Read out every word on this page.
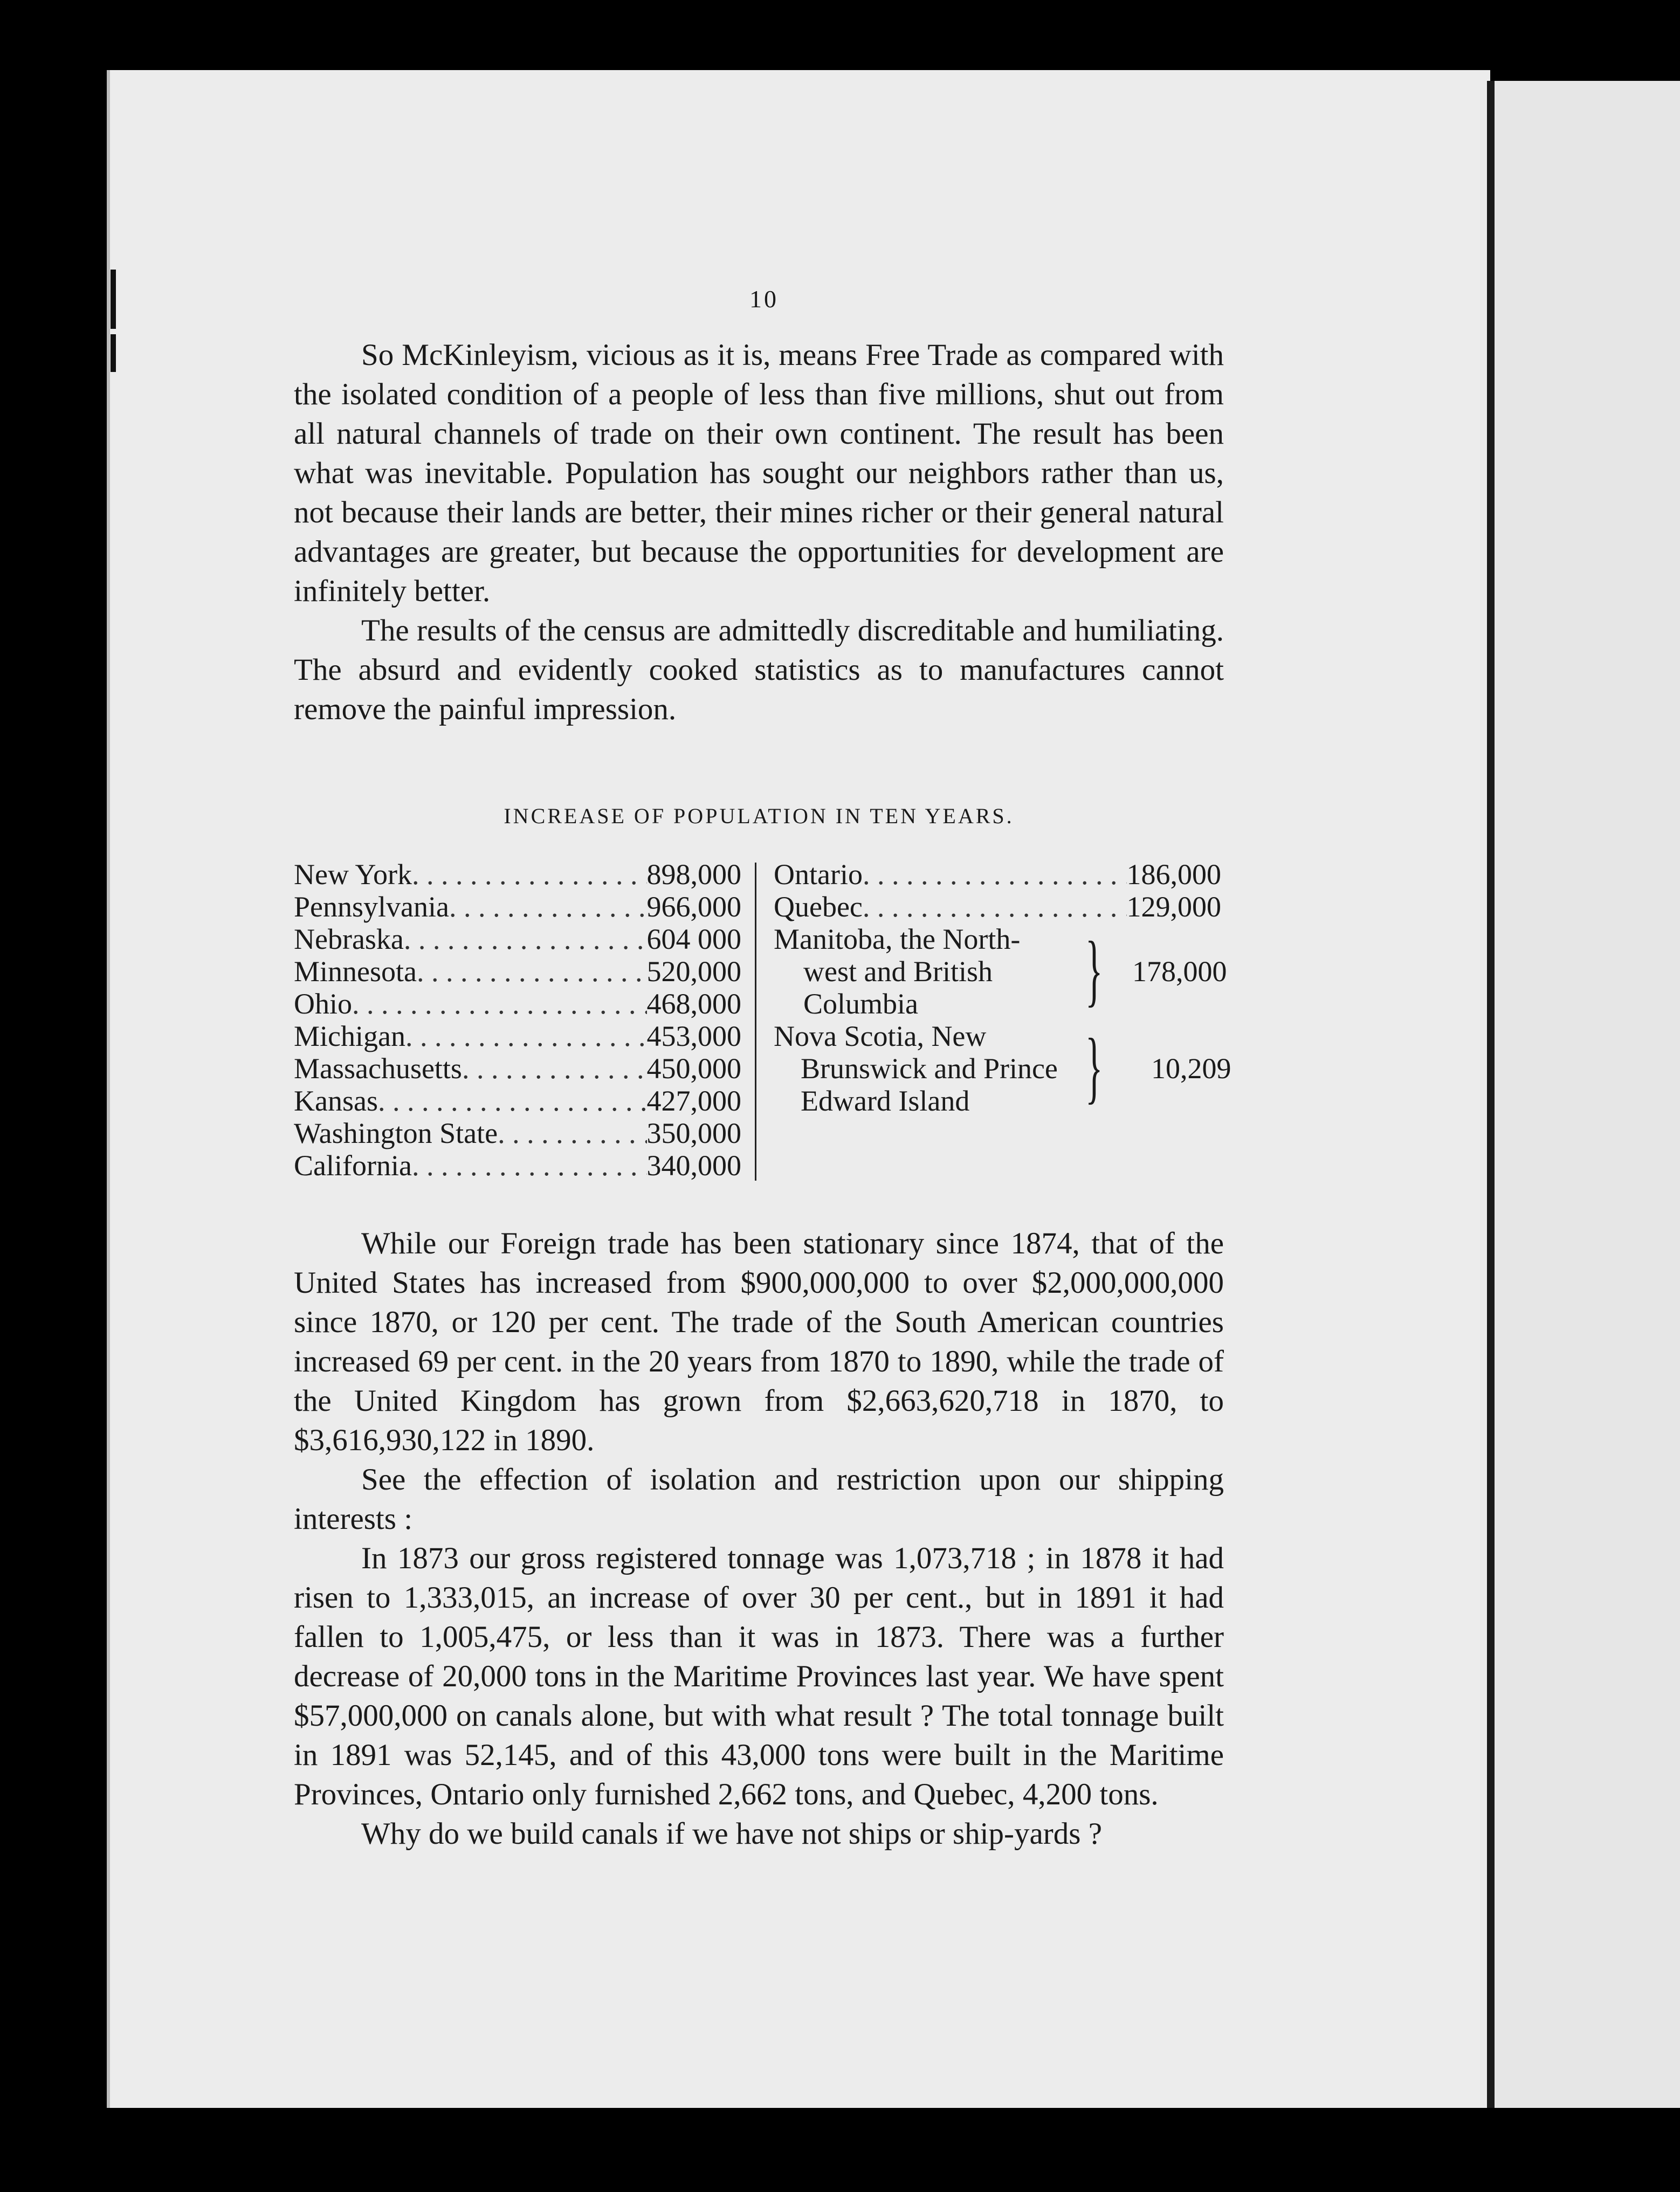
10

So McKinleyism, vicious as it is, means Free Trade as compared with the isolated condition of a people of less than five millions, shut out from all natural channels of trade on their own continent. The result has been what was inevitable. Population has sought our neighbors rather than us, not because their lands are better, their mines richer or their general natural advantages are greater, but because the opportunities for development are infinitely better.

The results of the census are admittedly discreditable and humiliating. The absurd and evidently cooked statistics as to manufactures cannot remove the painful impression.

INCREASE OF POPULATION IN TEN YEARS.
New York . . .	898,000
Pennsylvania . . .	966,000
Nebraska . . .	604 000
Minnesota . . .	520,000
Ohio . . .	468,000
Michigan . . .	453,000
Massachusetts . . .	450,000
Kansas . . .	427,000
Washington State . . .	350,000
California . . .	340,000
Ontario . . .	186,000
Quebec . . .	129,000
Manitoba, the North-
west and British
Columbia	} 178,000
Nova Scotia, New
Brunswick and Prince
Edward Island	} 10,209

While our Foreign trade has been stationary since 1874, that of the United States has increased from $900,000,000 to over $2,000,000,000 since 1870, or 120 per cent. The trade of the South American countries increased 69 per cent. in the 20 years from 1870 to 1890, while the trade of the United Kingdom has grown from $2,663,620,718 in 1870, to $3,616,930,122 in 1890.

See the effection of isolation and restriction upon our shipping interests :

In 1873 our gross registered tonnage was 1,073,718 ; in 1878 it had risen to 1,333,015, an increase of over 30 per cent., but in 1891 it had fallen to 1,005,475, or less than it was in 1873. There was a further decrease of 20,000 tons in the Maritime Provinces last year. We have spent $57,000,000 on canals alone, but with what result ? The total tonnage built in 1891 was 52,145, and of this 43,000 tons were built in the Maritime Provinces, Ontario only furnished 2,662 tons, and Quebec, 4,200 tons.

Why do we build canals if we have not ships or ship-yards ?
